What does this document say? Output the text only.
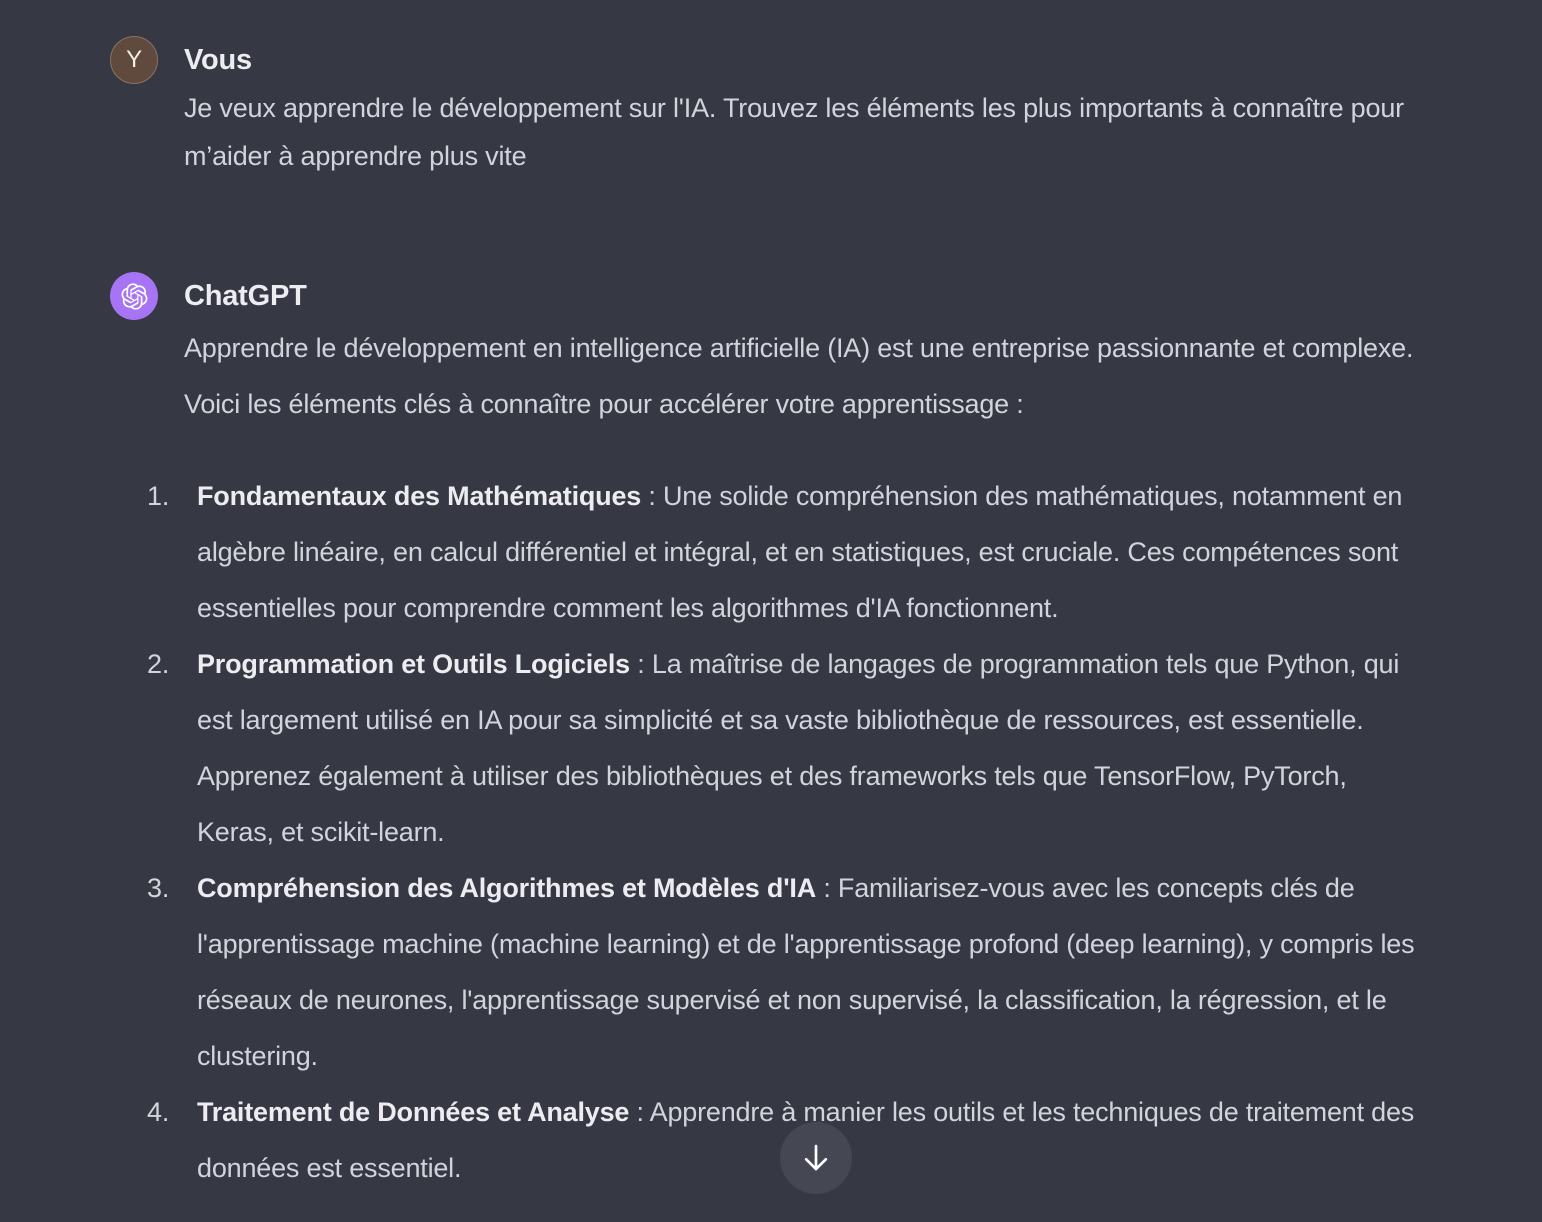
Y Vous

Je veux apprendre le développement sur l'IA. Trouvez les éléments les plus importants à connaître pour m’aider à apprendre plus vite

ChatGPT

Apprendre le développement en intelligence artificielle (IA) est une entreprise passionnante et complexe. Voici les éléments clés à connaître pour accélérer votre apprentissage :

1.	Fondamentaux des Mathématiques : Une solide compréhension des mathématiques, notamment en algèbre linéaire, en calcul différentiel et intégral, et en statistiques, est cruciale. Ces compétences sont essentielles pour comprendre comment les algorithmes d'IA fonctionnent.
2.	Programmation et Outils Logiciels : La maîtrise de langages de programmation tels que Python, qui est largement utilisé en IA pour sa simplicité et sa vaste bibliothèque de ressources, est essentielle. Apprenez également à utiliser des bibliothèques et des frameworks tels que TensorFlow, PyTorch, Keras, et scikit-learn.
3.	Compréhension des Algorithmes et Modèles d'IA : Familiarisez-vous avec les concepts clés de l'apprentissage machine (machine learning) et de l'apprentissage profond (deep learning), y compris les réseaux de neurones, l'apprentissage supervisé et non supervisé, la classification, la régression, et le clustering.
4.	Traitement de Données et Analyse : Apprendre à manier les outils et les techniques de traitement des données est essentiel.
